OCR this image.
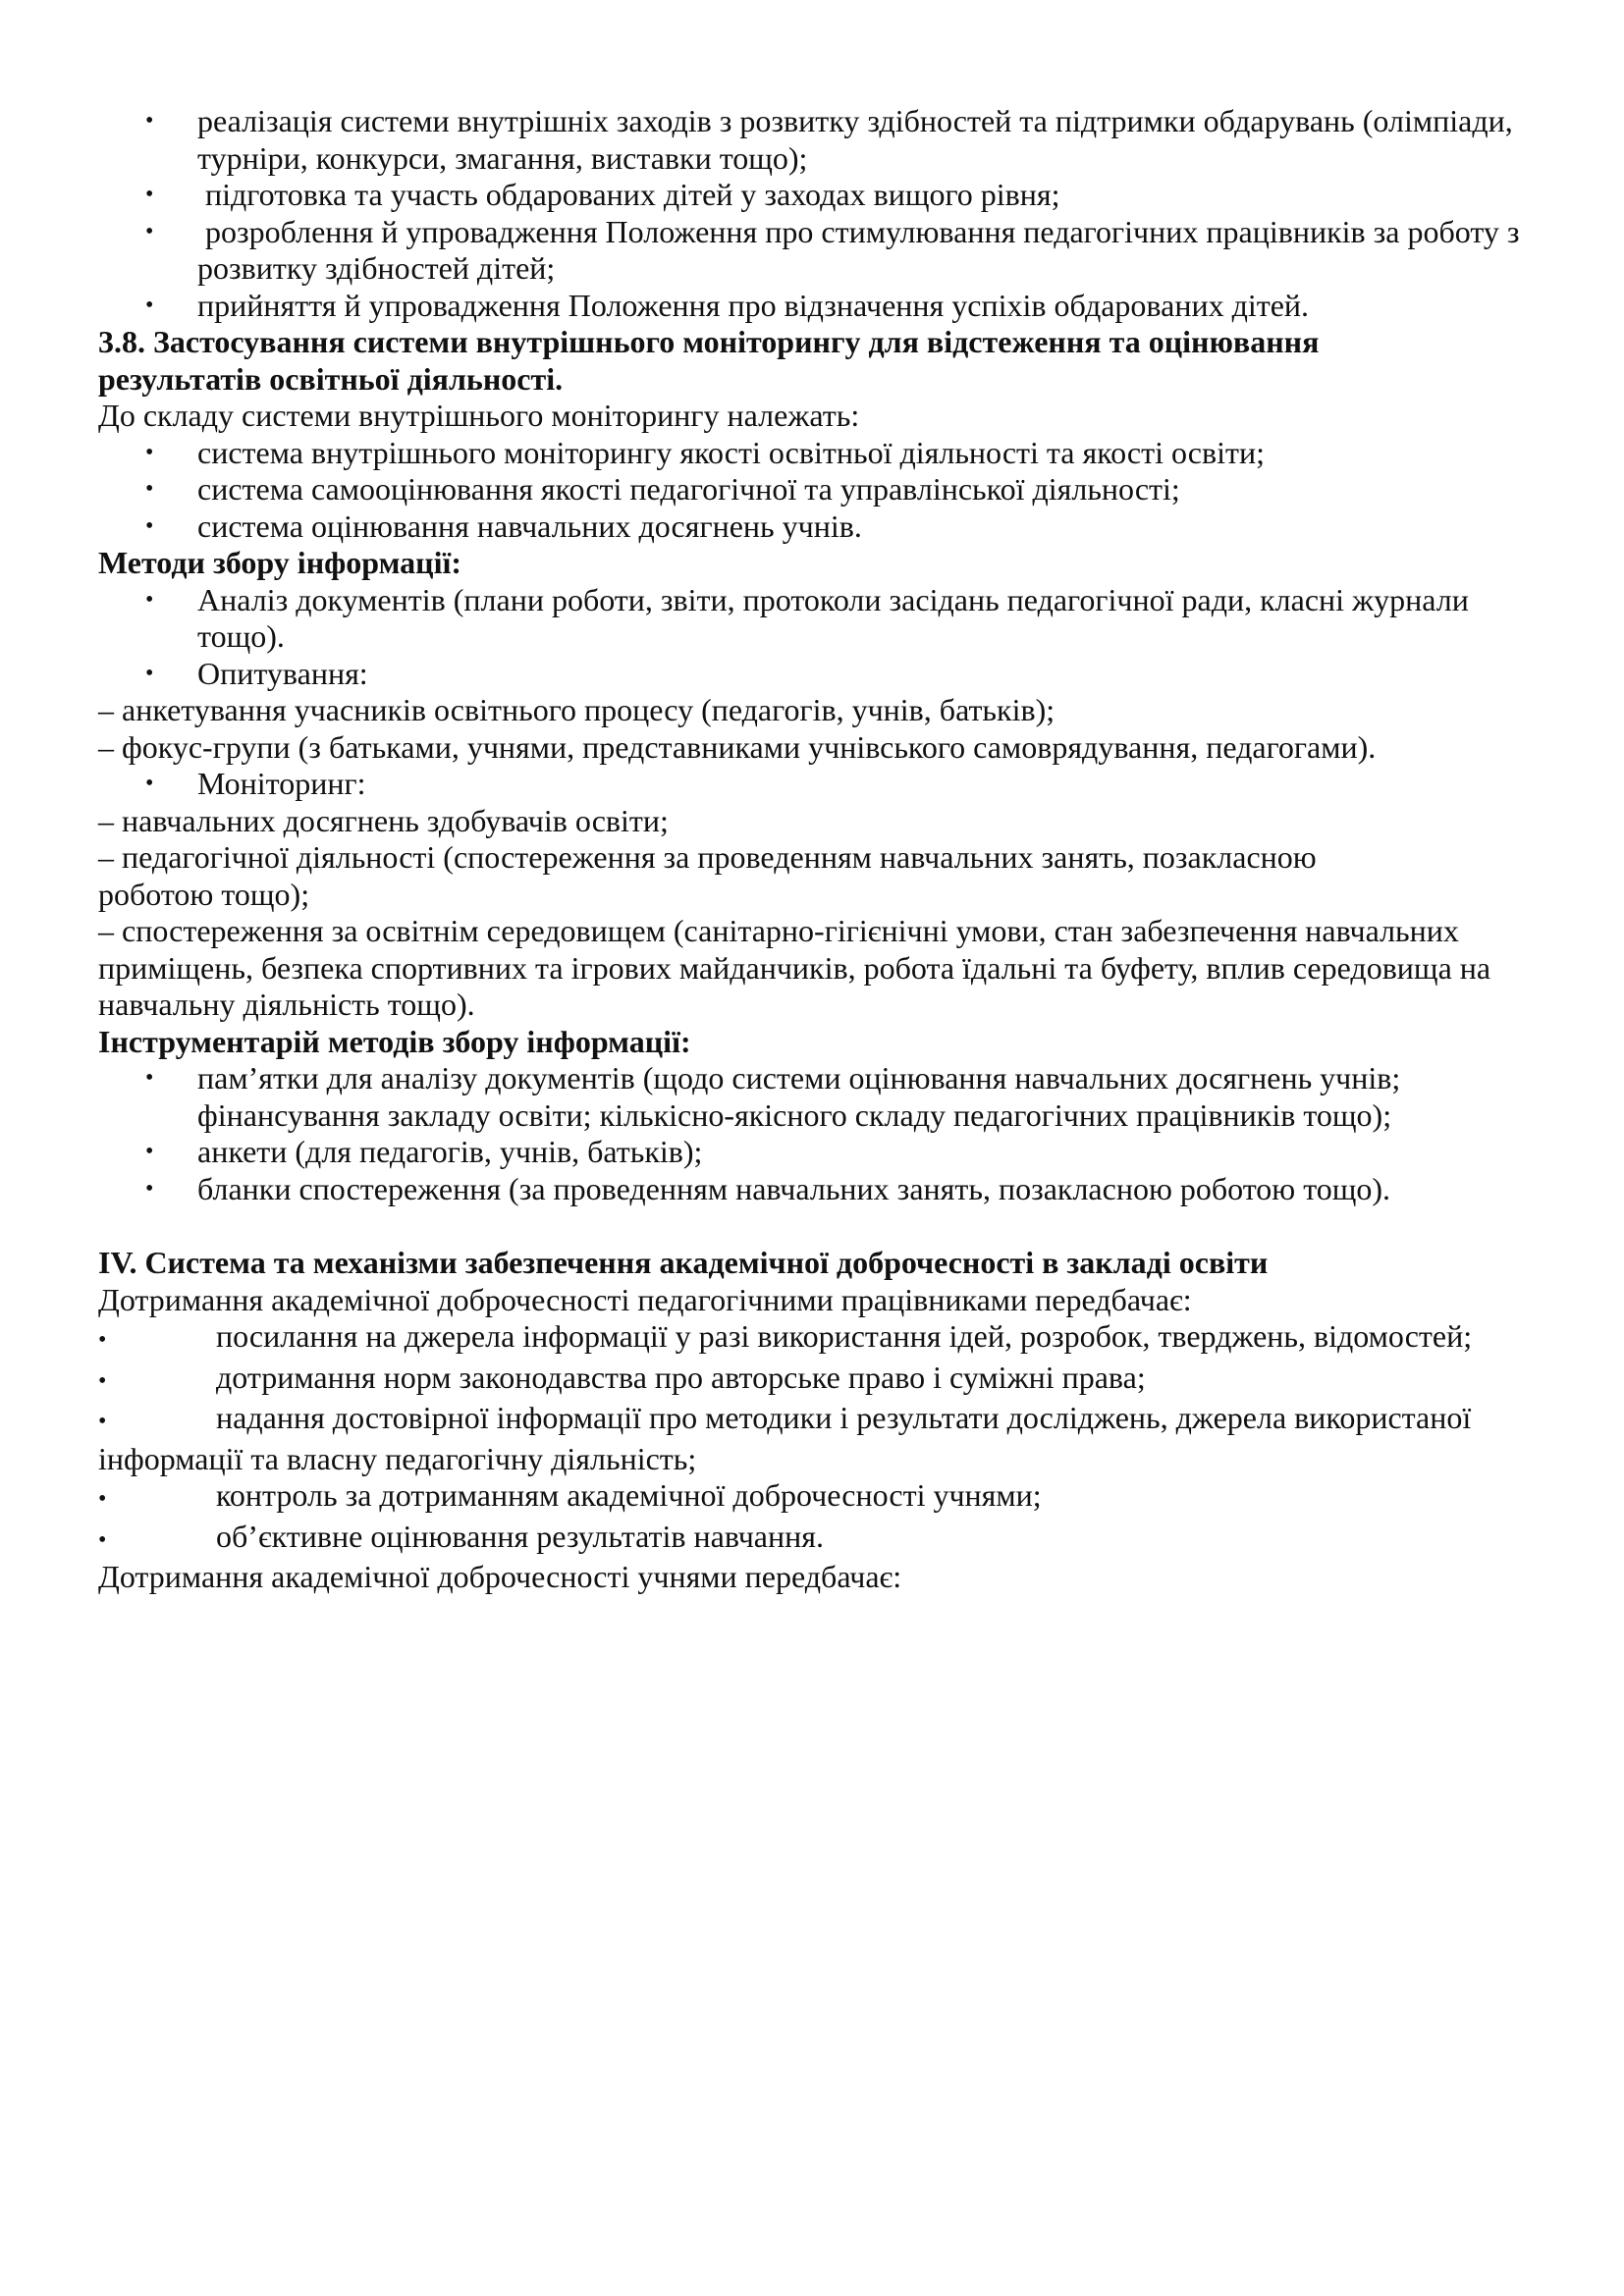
• реалізація системи внутрішніх заходів з розвитку здібностей та підтримки обдарувань (олімпіади, турніри, конкурси, змагання, виставки тощо);
• підготовка та участь обдарованих дітей у заходах вищого рівня;
• розроблення й упровадження Положення про стимулювання педагогічних працівників за роботу з розвитку здібностей дітей;
• прийняття й упровадження Положення про відзначення успіхів обдарованих дітей.

3.8. Застосування системи внутрішнього моніторингу для відстеження та оцінювання результатів освітньої діяльності.

До складу системи внутрішнього моніторингу належать:

• система внутрішнього моніторингу якості освітньої діяльності та якості освіти;
• система самооцінювання якості педагогічної та управлінської діяльності;
• система оцінювання навчальних досягнень учнів.

Методи збору інформації:

• Аналіз документів (плани роботи, звіти, протоколи засідань педагогічної ради, класні журнали тощо).
• Опитування:

– анкетування учасників освітнього процесу (педагогів, учнів, батьків);

– фокус-групи (з батьками, учнями, представниками учнівського самоврядування, педагогами).

• Моніторинг:

– навчальних досягнень здобувачів освіти;

– педагогічної діяльності (спостереження за проведенням навчальних занять, позакласною роботою тощо);

– спостереження за освітнім середовищем (санітарно-гігієнічні умови, стан забезпечення навчальних приміщень, безпека спортивних та ігрових майданчиків, робота їдальні та буфету, вплив середовища на навчальну діяльність тощо).

Інструментарій методів збору інформації:

• пам’ятки для аналізу документів (щодо системи оцінювання навчальних досягнень учнів; фінансування закладу освіти; кількісно-якісного складу педагогічних працівників тощо);
• анкети (для педагогів, учнів, батьків);
• бланки спостереження (за проведенням навчальних занять, позакласною роботою тощо).

IV. Система та механізми забезпечення академічної доброчесності в закладі освіти

Дотримання академічної доброчесності педагогічними працівниками передбачає:

•	посилання на джерела інформації у разі використання ідей, розробок, тверджень, відомостей;

•	дотримання норм законодавства про авторське право і суміжні права;

•	надання достовірної інформації про методики і результати досліджень, джерела використаної інформації та власну педагогічну діяльність;

•	контроль за дотриманням академічної доброчесності учнями;

•	об’єктивне оцінювання результатів навчання.

Дотримання академічної доброчесності учнями передбачає:
